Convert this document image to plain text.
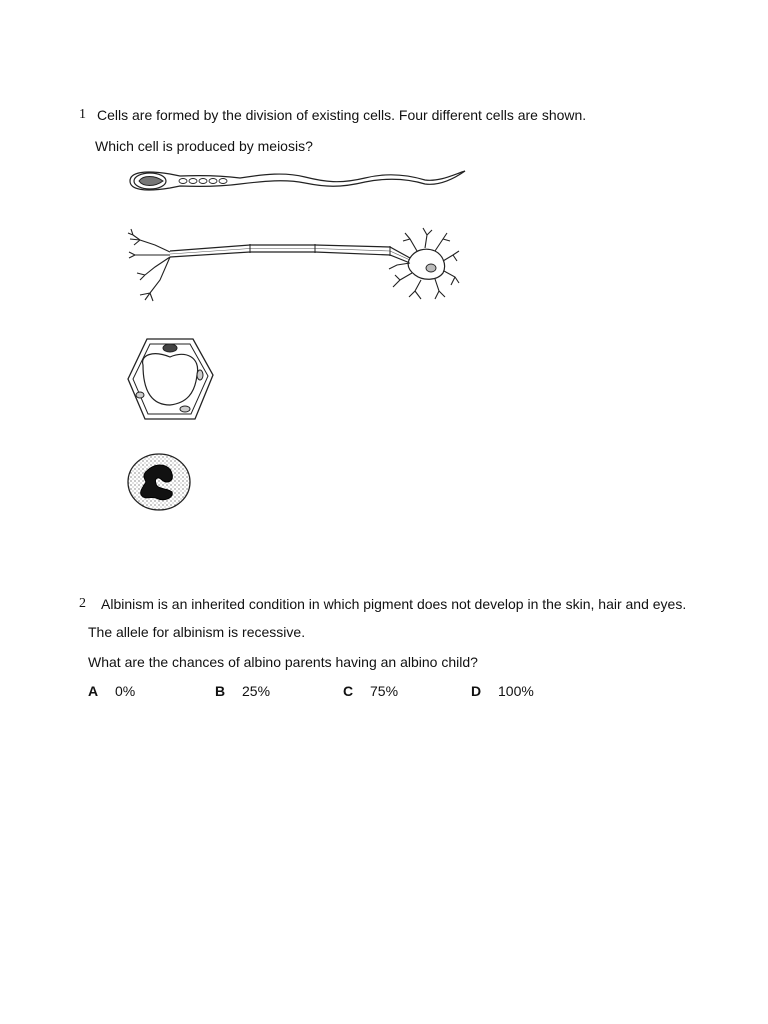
1 Cells are formed by the division of existing cells. Four different cells are shown.
Which cell is produced by meiosis?
2 Albinism is an inherited condition in which pigment does not develop in the skin, hair and eyes.
The allele for albinism is recessive.
What are the chances of albino parents having an albino child?
A 0%	B 25%	C 75%	D 100%
